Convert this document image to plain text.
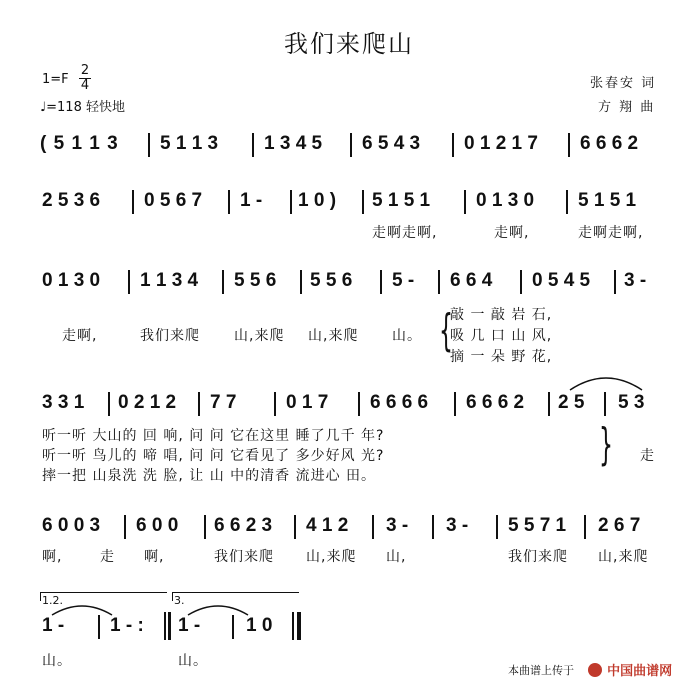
我们来爬山
1=F
2
4
♩=118 轻快地
张春安 词
方 翔 曲
( 5 1 1 3 5 1 1 3 1 3 4 5 6 5 4 3 0 1 2 1 7 6 6 6 2
2 5 3 6 0 5 6 7 1 - 1 0 ) 5 1 5 1 0 1 3 0 5 1 5 1
走啊走啊,	走啊,	走啊走啊,
0 1 3 0 1 1 3 4 5 5 6 5 5 6 5 - 6 6 4 0 5 4 5 3 -
走啊,	我们来爬 山,来爬 山,来爬 山。 {
敲 一 敲 岩 石,
吸 几 口 山 风,
摘 一 朵 野 花,
3 3 1 0 2 1 2 7 7	0 1 7 6 6 6 6 6 6 6 2 2 5 5 3
听一听 大山的 回 响, 问 问 它在这里 睡了几千 年?
听一听 鸟儿的 啼 唱, 问 问 它看见了 多少好风 光?
摔一把 山泉洗 洗 脸, 让 山 中的清香 流进心 田。
} 走
6 0 0 3 6 0 0 6 6 2 3 4 1 2 3 - 3 - 5 5 7 1 2 6 7
啊,	走 啊,	我们来爬 山,来爬 山,	我们来爬 山,来爬
1.2.	3.
1 - 1 - : 1 - 1 0
山。	山。
本曲谱上传于	中国曲谱网
